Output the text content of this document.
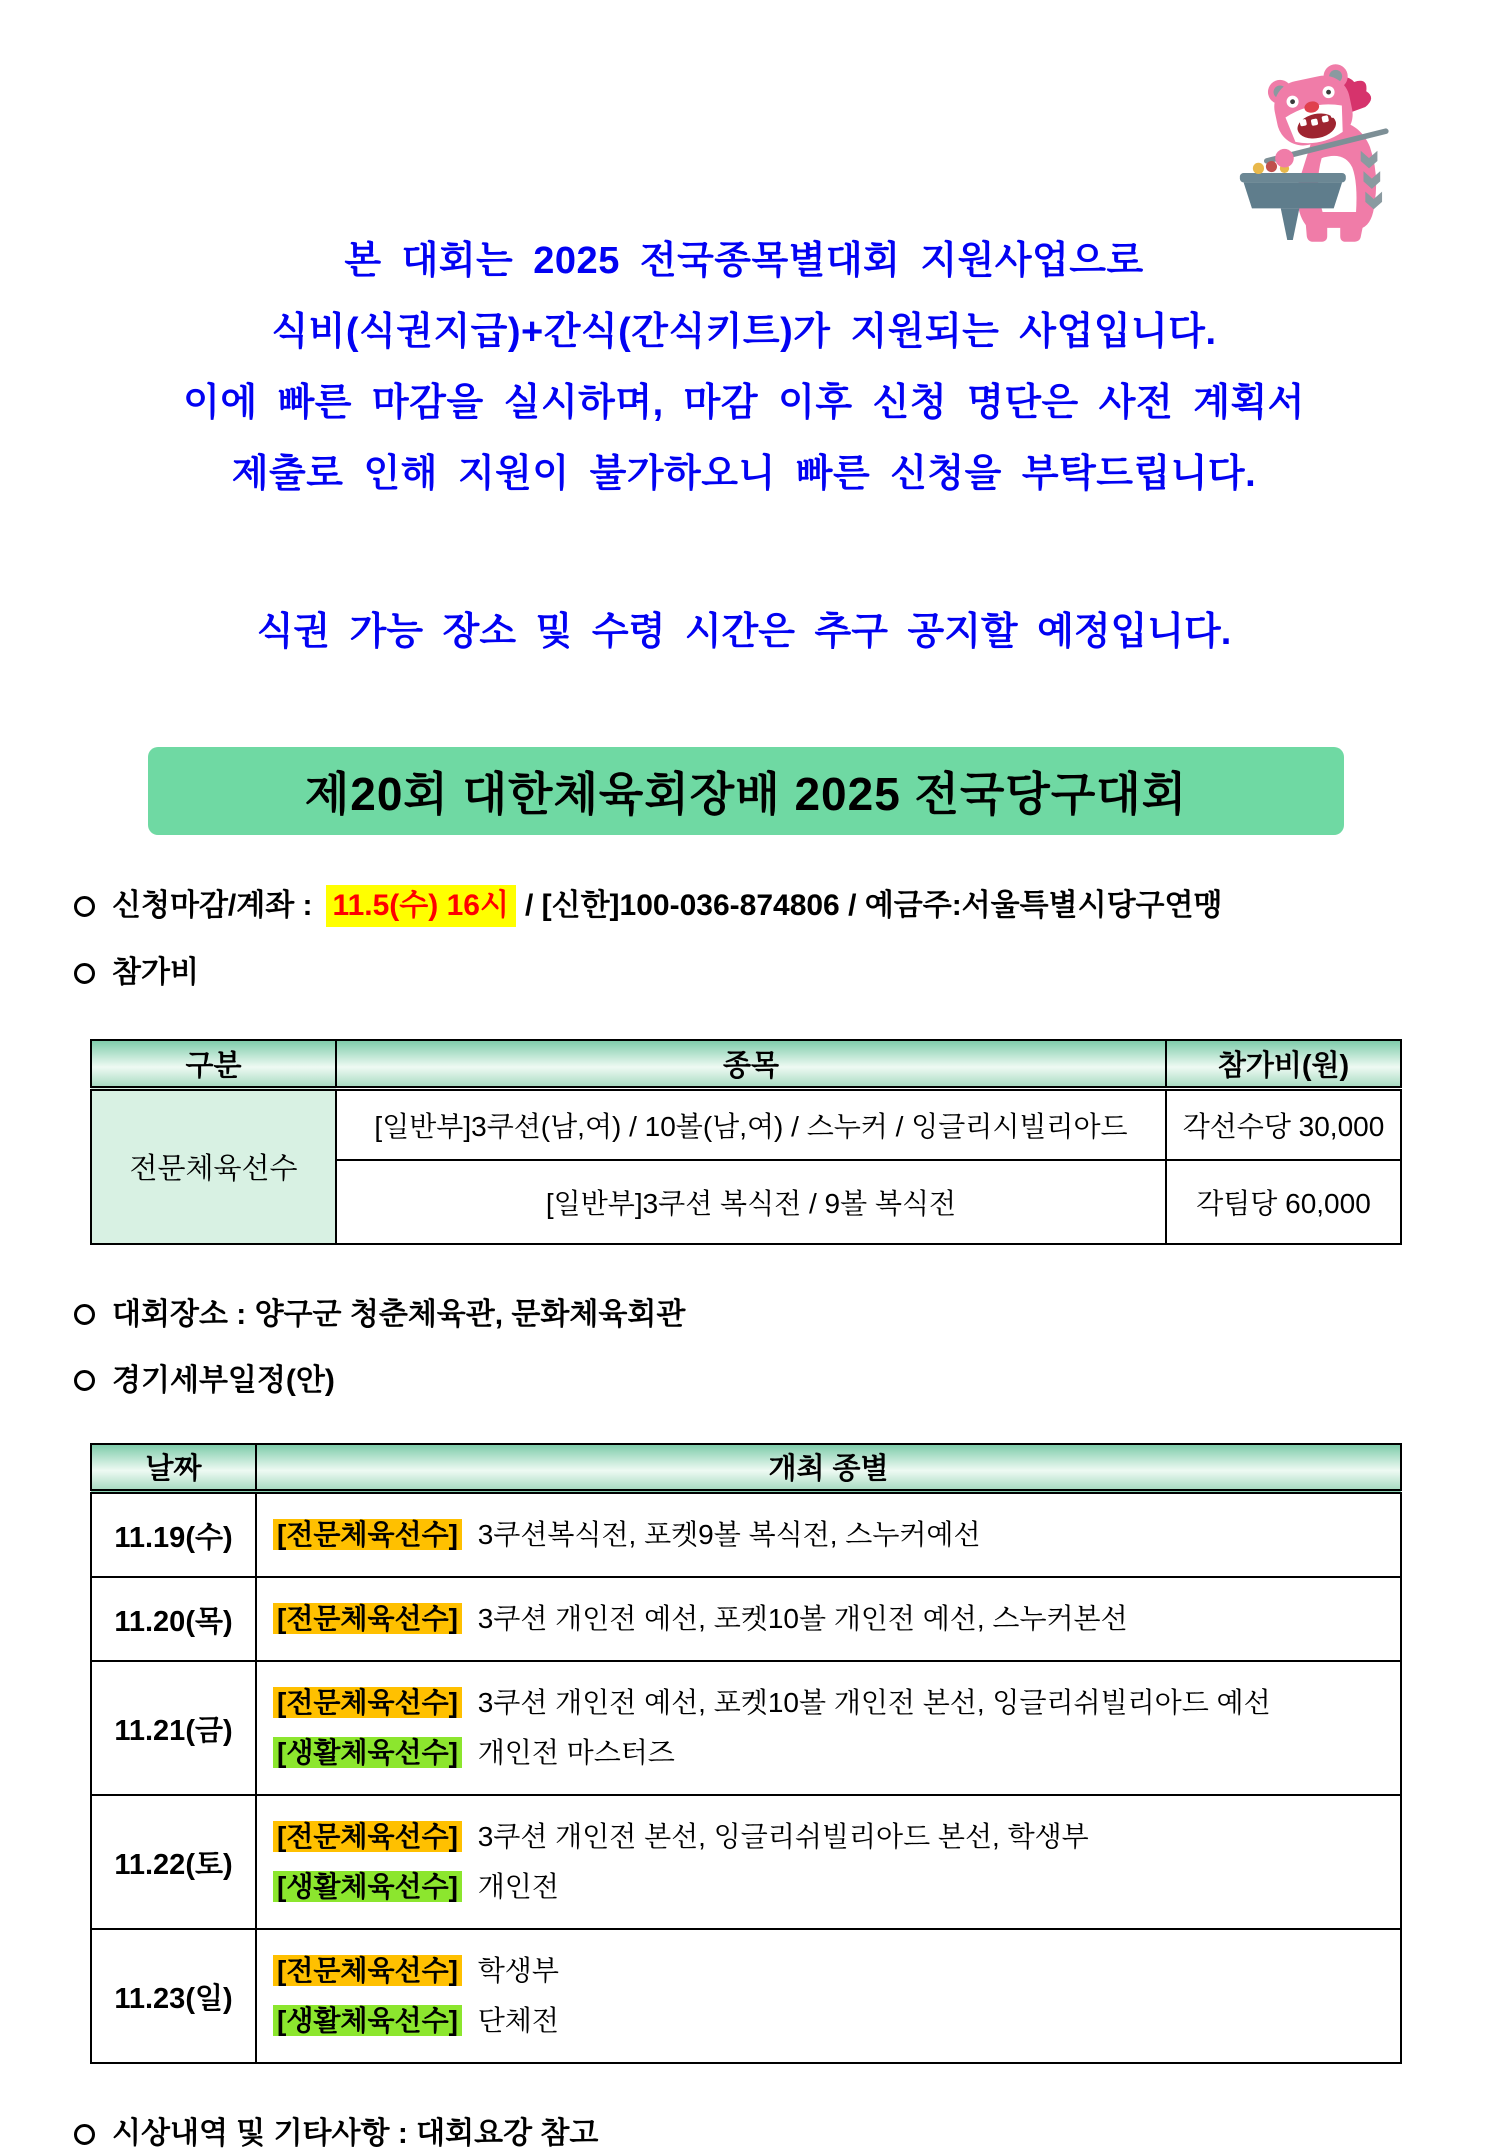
본 대회는 2025 전국종목별대회 지원사업으로
식비(식권지급)+간식(간식키트)가 지원되는 사업입니다.
이에 빠른 마감을 실시하며, 마감 이후 신청 명단은 사전 계획서
제출로 인해 지원이 불가하오니 빠른 신청을 부탁드립니다.
식권 가능 장소 및 수령 시간은 추구 공지할 예정입니다.
제20회 대한체육회장배 2025 전국당구대회
신청마감/계좌 : 11.5(수) 16시 / [신한]100-036-874806 / 예금주:서울특별시당구연맹
참가비
구분	종목	참가비(원)
전문체육선수	[일반부]3쿠션(남,여) / 10볼(남,여) / 스누커 / 잉글리시빌리아드	각선수당 30,000
	[일반부]3쿠션 복식전 / 9볼 복식전	각팀당 60,000
대회장소 : 양구군 청춘체육관, 문화체육회관
경기세부일정(안)
날짜	개최 종별
11.19(수)	[전문체육선수] 3쿠션복식전, 포켓9볼 복식전, 스누커예선

11.20(목)	[전문체육선수] 3쿠션 개인전 예선, 포켓10볼 개인전 예선, 스누커본선

11.21(금)	[전문체육선수] 3쿠션 개인전 예선, 포켓10볼 개인전 본선, 잉글리쉬빌리아드 예선
[생활체육선수] 개인전 마스터즈

11.22(토)	[전문체육선수] 3쿠션 개인전 본선, 잉글리쉬빌리아드 본선, 학생부
[생활체육선수] 개인전

11.23(일)	[전문체육선수] 학생부
[생활체육선수] 단체전
시상내역 및 기타사항 : 대회요강 참고
